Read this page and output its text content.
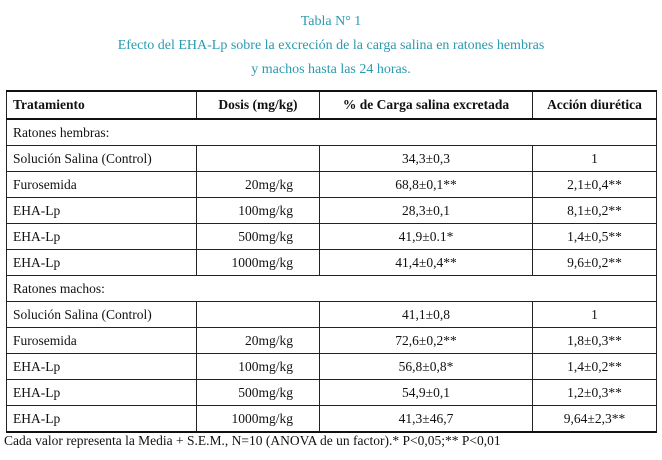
Tabla N° 1
Efecto del EHA-Lp sobre la excreción de la carga salina en ratones hembras
y machos hasta las 24 horas.
Tratamiento	Dosis (mg/kg)	% de Carga salina excretada	Acción diurética
Ratones hembras:			
Solución Salina (Control)		34,3±0,3	1
Furosemida	20mg/kg	68,8±0,1**	2,1±0,4**
EHA-Lp	100mg/kg	28,3±0,1	8,1±0,2**
EHA-Lp	500mg/kg	41,9±0.1*	1,4±0,5**
EHA-Lp	1000mg/kg	41,4±0,4**	9,6±0,2**
Ratones machos:			
Solución Salina (Control)		41,1±0,8	1
Furosemida	20mg/kg	72,6±0,2**	1,8±0,3**
EHA-Lp	100mg/kg	56,8±0,8*	1,4±0,2**
EHA-Lp	500mg/kg	54,9±0,1	1,2±0,3**
EHA-Lp	1000mg/kg	41,3±46,7	9,64±2,3**
Cada valor representa la Media + S.E.M., N=10 (ANOVA de un factor).* P<0,05;** P<0,01
